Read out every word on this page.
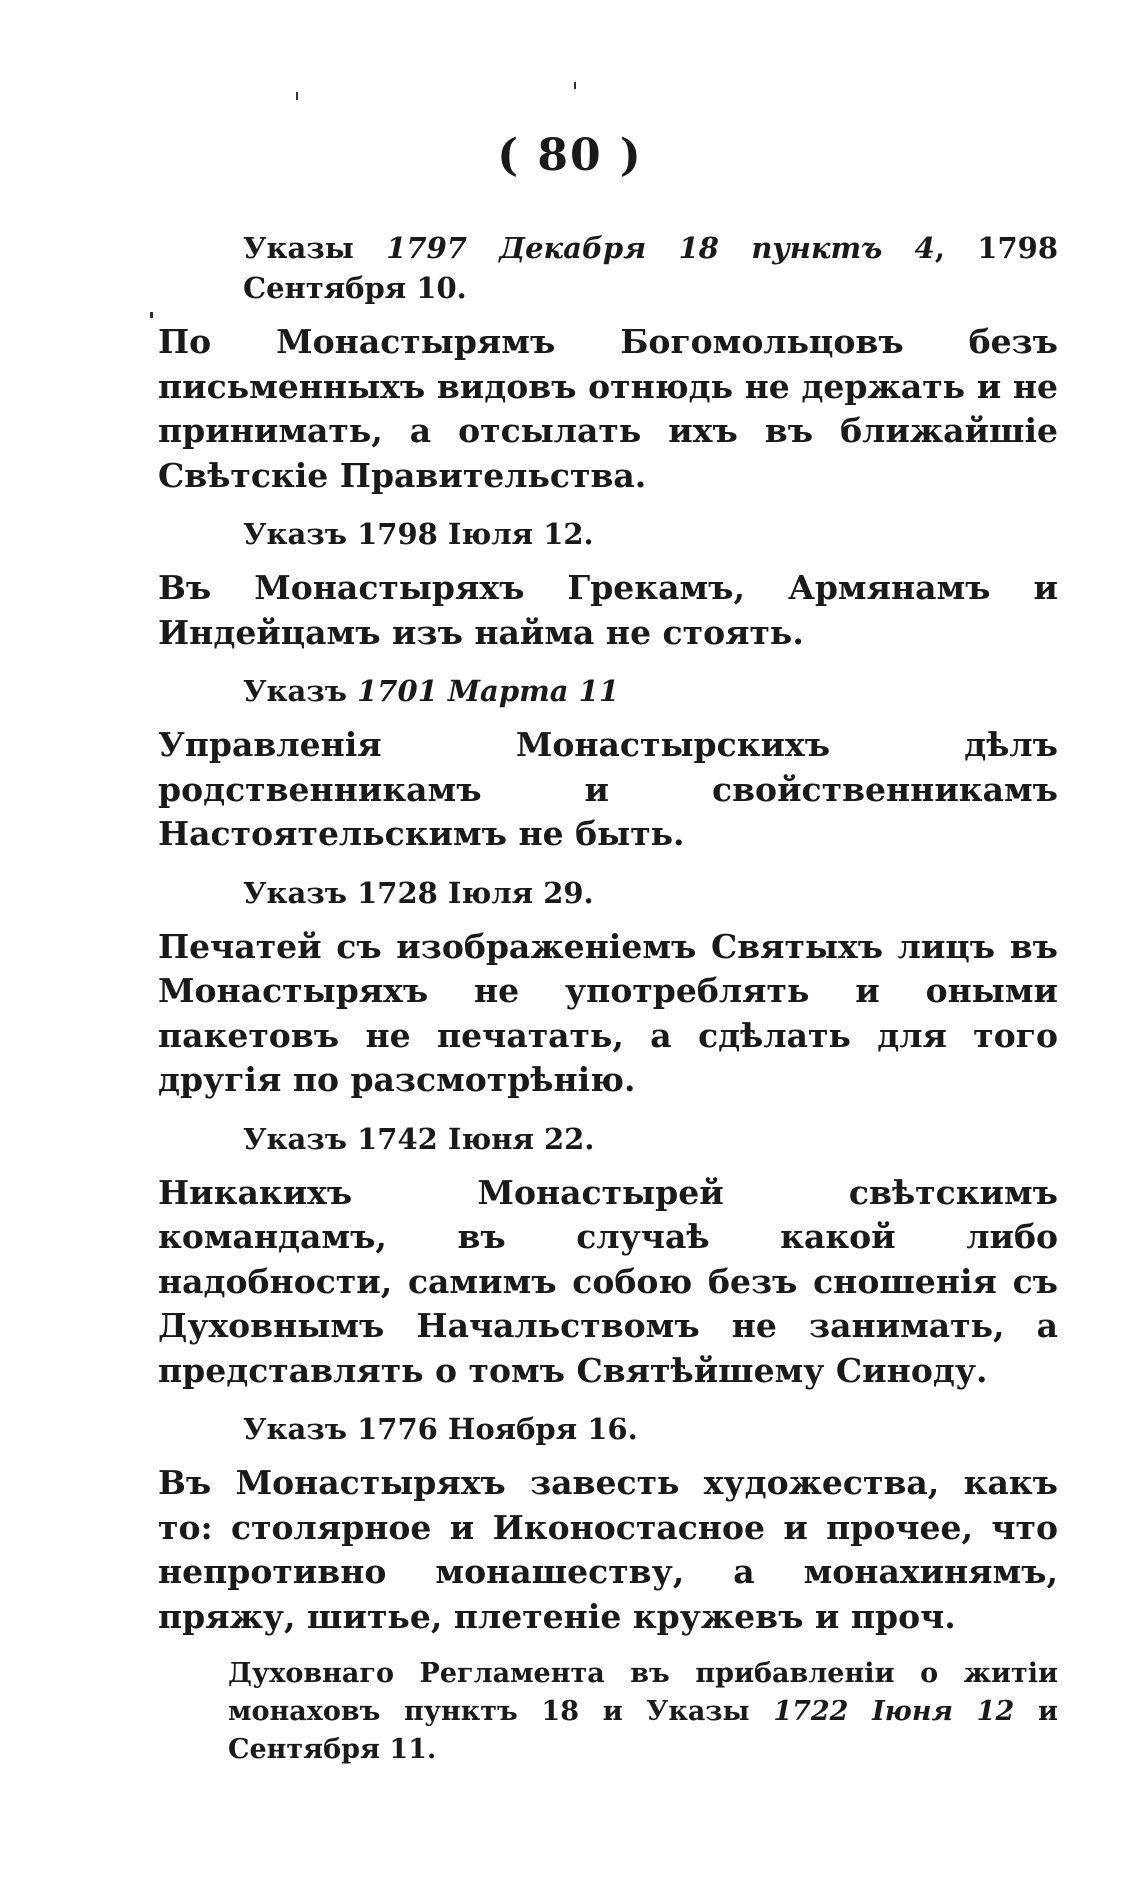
( 80 )
Указы 1797 Декабря 18 пунктъ 4, 1798 Сентября 10.

По Монастырямъ Богомольцовъ безъ письменныхъ видовъ отнюдь не держать и не принимать, а отсылать ихъ въ ближайшiе Свѣтскiе Правительства.

Указъ 1798 Iюля 12.

Въ Монастыряхъ Грекамъ, Армянамъ и Индейцамъ изъ найма не стоять.

Указъ 1701 Марта 11

Управленiя Монастырскихъ дѣлъ родственникамъ и свойственникамъ Настоятельскимъ не быть.

Указъ 1728 Iюля 29.

Печатей съ изображенiемъ Святыхъ лицъ въ Монастыряхъ не употреблять и оными пакетовъ не печатать, а сдѣлать для того другiя по разсмотрѣнiю.

Указъ 1742 Iюня 22.

Никакихъ Монастырей свѣтскимъ командамъ, въ случаѣ какой либо надобности, самимъ собою безъ сношенiя съ Духовнымъ Начальствомъ не занимать, а представлять о томъ Святѣйшему Синоду.

Указъ 1776 Ноября 16.

Въ Монастыряхъ завесть художества, какъ то: столярное и Иконостасное и прочее, что непротивно монашеству, а монахинямъ, пряжу, шитье, плетенiе кружевъ и проч.

Духовнаго Регламента въ прибавленiи о житiи монаховъ пунктъ 18 и Указы 1722 Iюня 12 и Сентября 11.
